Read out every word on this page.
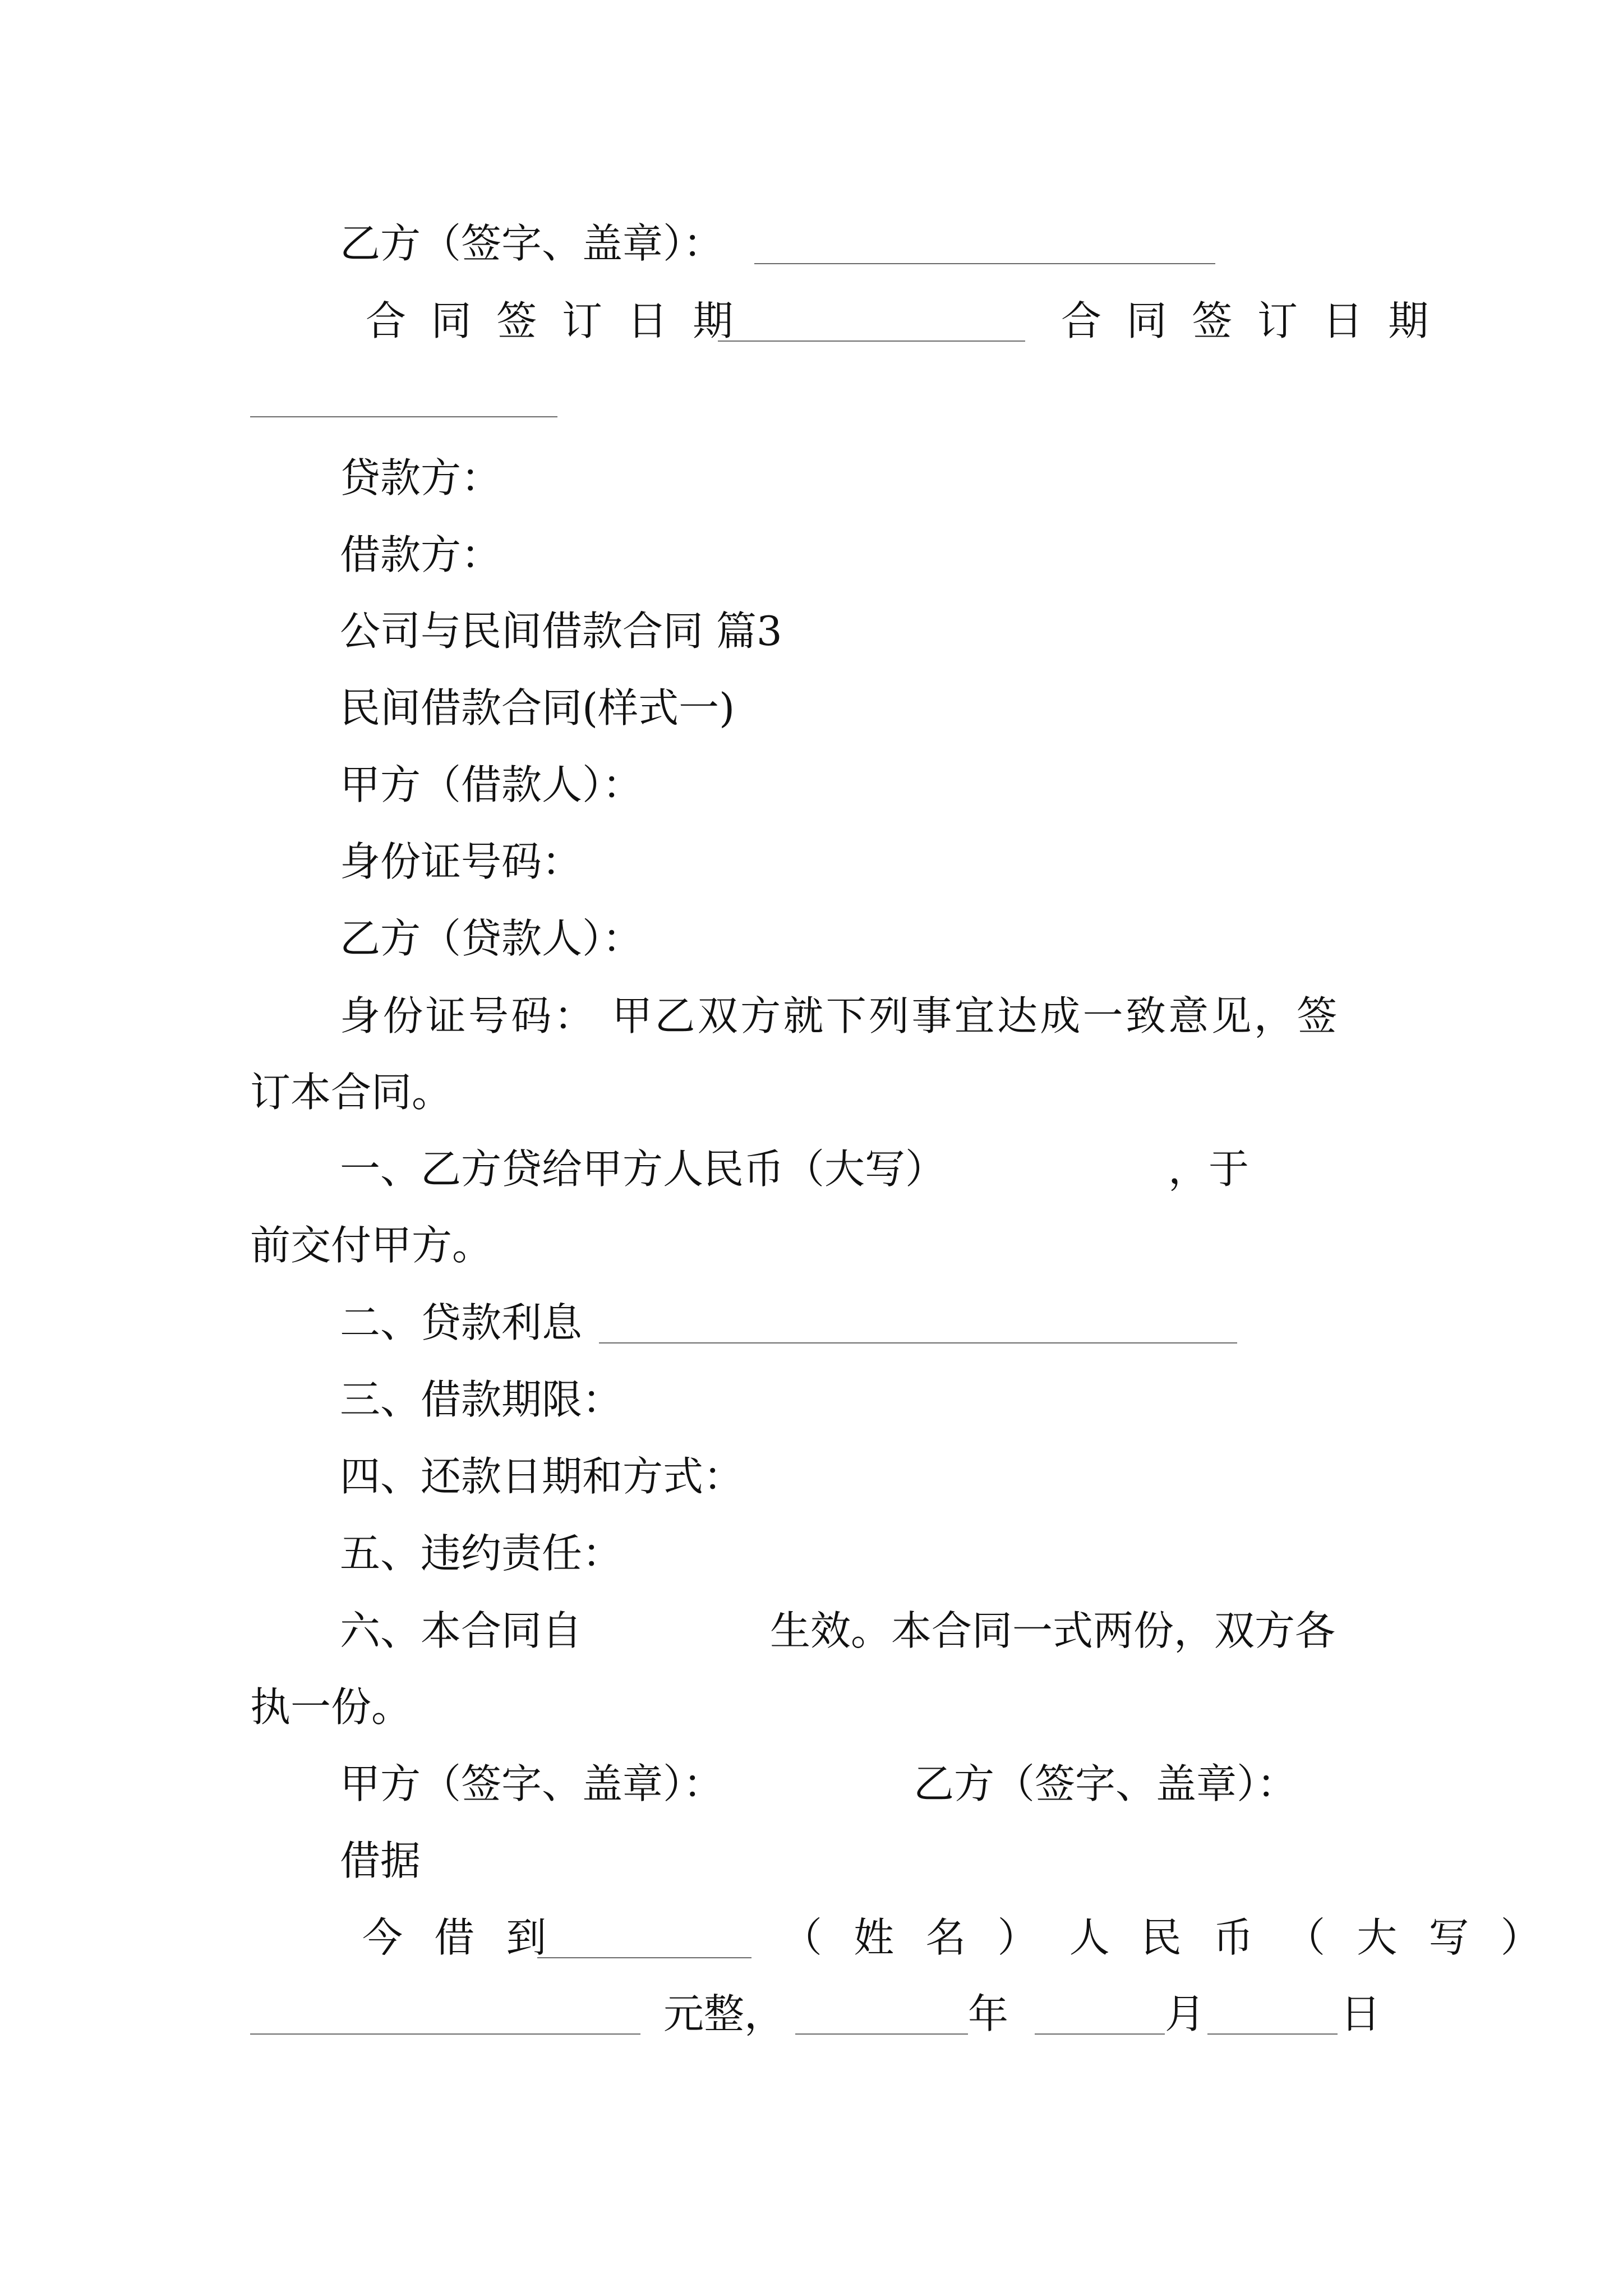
乙方（签字、盖章）：
合同签订日期	合同签订日期
贷款方：
借款方：
公司与民间借款合同 篇3
民间借款合同(样式一)
甲方（借款人）：
身份证号码：
乙方（贷款人）：
身份证号码： 甲乙双方就下列事宜达成一致意见，签
订本合同。
一、乙方贷给甲方人民币（大写）	，于
前交付甲方。
二、贷款利息
三、借款期限：
四、还款日期和方式：
五、违约责任：
六、本合同自	生效。本合同一式两份，双方各
执一份。
甲方（签字、盖章）：	乙方（签字、盖章）：
借据
今借到	（姓名）人民币（大写）
元整，	年	月	日
